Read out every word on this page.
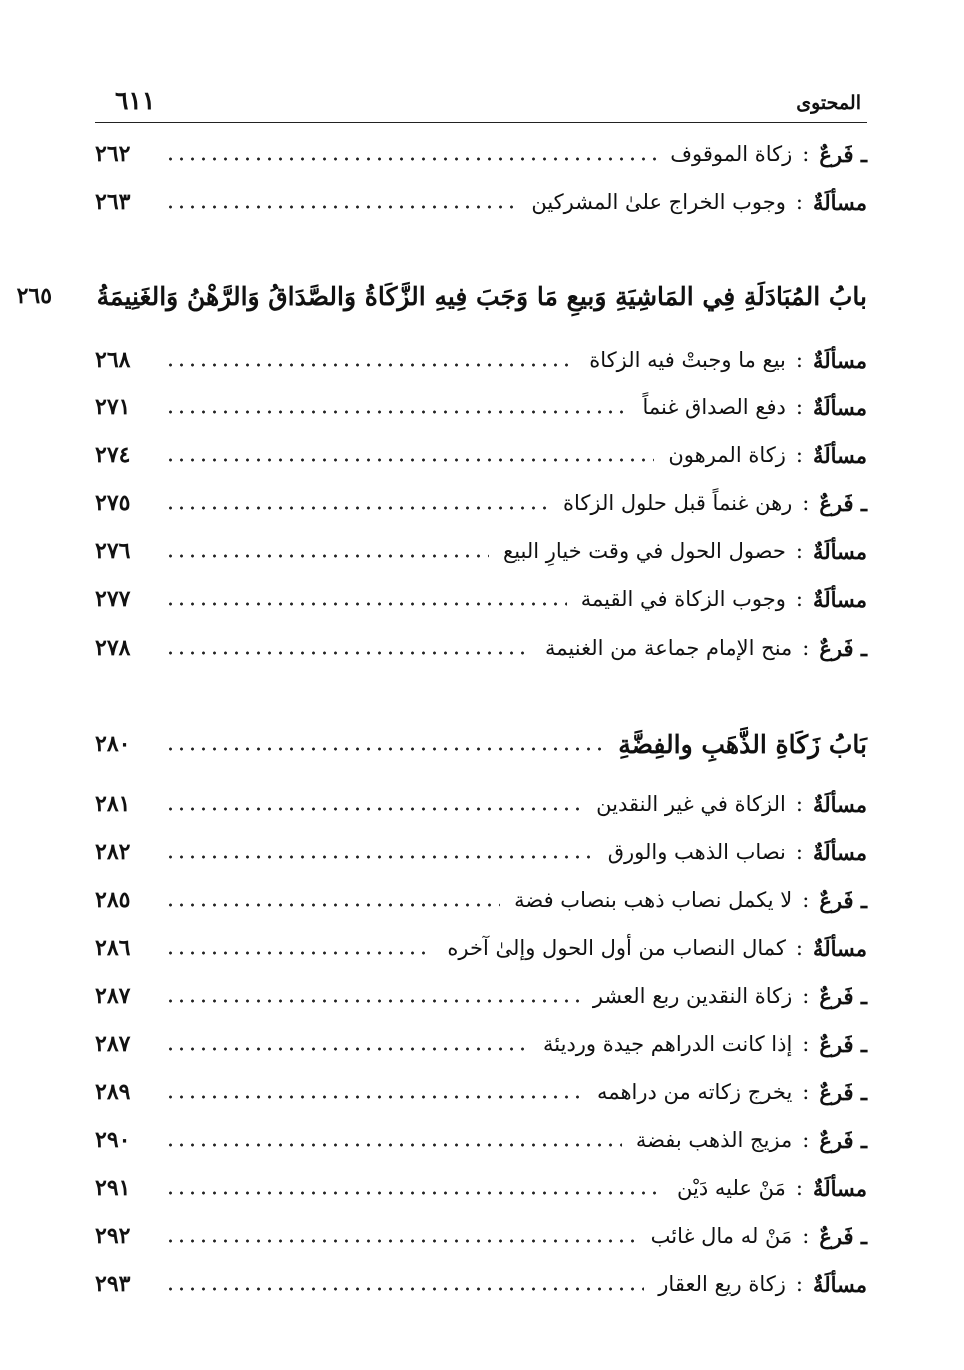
المحتوى
٦١١
ـ فَرعٌ
:
زكاة الموقوف
٢٦٢
مسألَةٌ
:
وجوب الخراج علىٰ المشركين
٢٦٣
بابُ المُبَادَلَةِ فِي المَاشِيَةِ وَبيعِ مَا وَجَبَ فِيهِ الزَّكَاةُ وَالصَّدَاقُ وَالرَّهْنُ وَالغَنِيمَةُ
٢٦٥
مسألَةٌ
:
بيع ما وجبتْ فيه الزكاة
٢٦٨
مسألَةٌ
:
دفع الصداق غنماً
٢٧١
مسألَةٌ
:
زكاة المرهون
٢٧٤
ـ فَرعٌ
:
رهن غنماً قبل حلول الزكاة
٢٧٥
مسألَةٌ
:
حصول الحول في وقت خيارِ البيع
٢٧٦
مسألَةٌ
:
وجوب الزكاة في القيمة
٢٧٧
ـ فَرعٌ
:
منح الإمام جماعة من الغنيمة
٢٧٨
بَابُ زَكَاةِ الذَّهَبِ والفِضَّةِ
٢٨٠
مسألَةٌ
:
الزكاة في غير النقدين
٢٨١
مسألَةٌ
:
نصاب الذهب والورق
٢٨٢
ـ فَرعٌ
:
لا يكمل نصاب ذهب بنصاب فضة
٢٨٥
مسألَةٌ
:
كمال النصاب من أول الحول وإلىٰ آخره
٢٨٦
ـ فَرعٌ
:
زكاة النقدين ربع العشر
٢٨٧
ـ فَرعٌ
:
إذا كانت الدراهم جيدة ورديئة
٢٨٧
ـ فَرعٌ
:
يخرج زكاته من دراهمه
٢٨٩
ـ فَرعٌ
:
مزيج الذهب بفضة
٢٩٠
مسألَةٌ
:
مَنْ عليه دَيْن
٢٩١
ـ فَرعٌ
:
مَنْ له مال غائب
٢٩٢
مسألَةٌ
:
زكاة ريع العقار
٢٩٣
